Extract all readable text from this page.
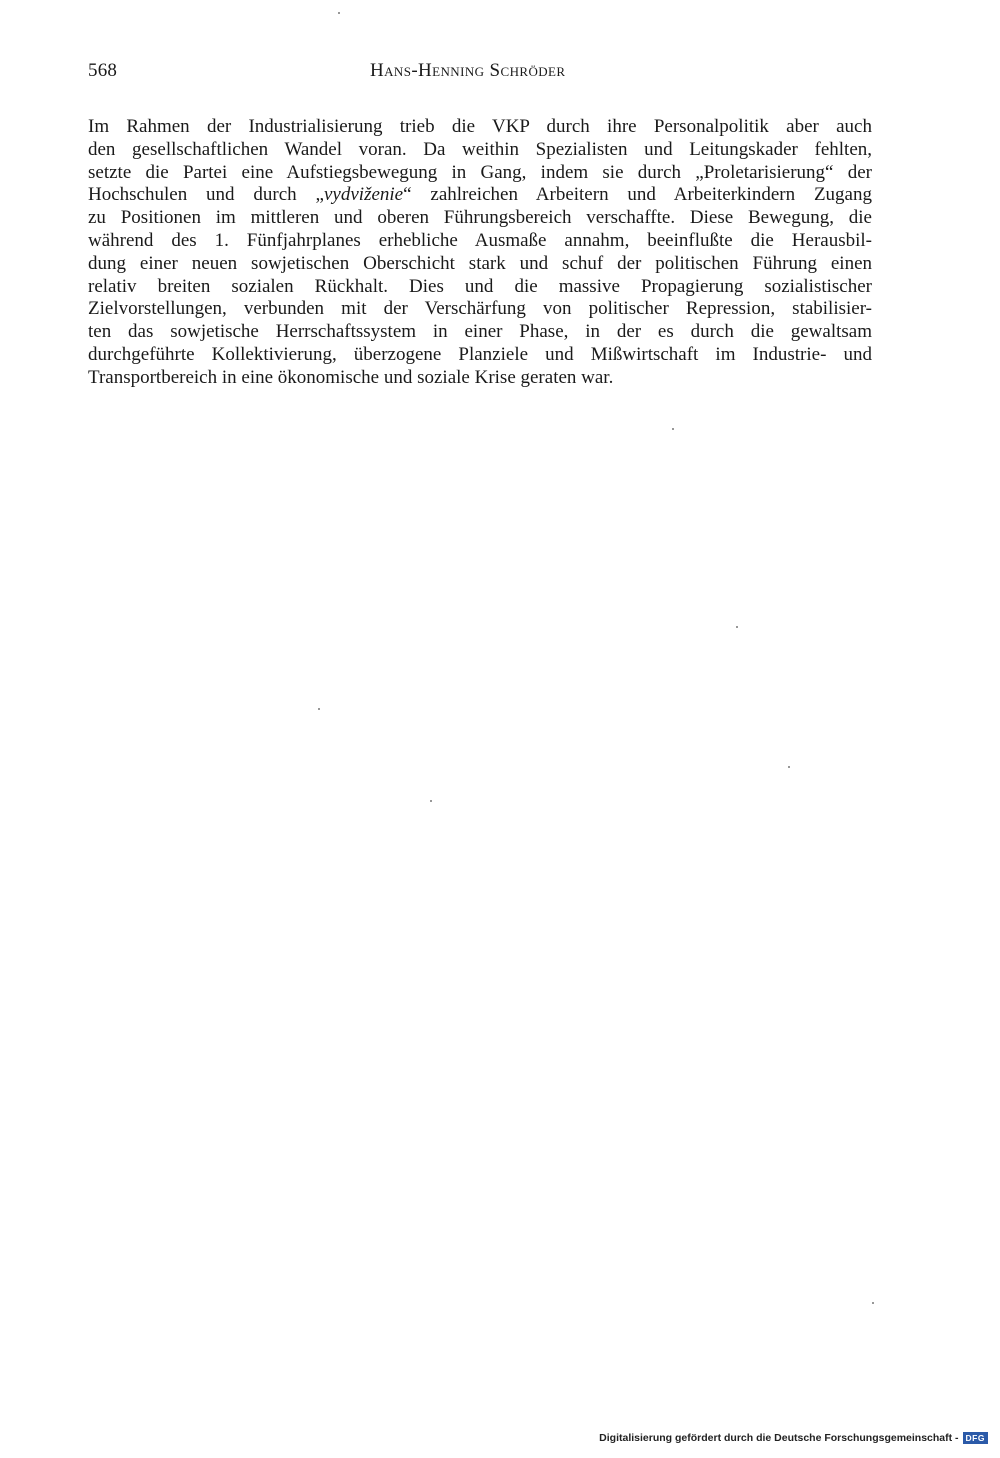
568	Hans-Henning Schröder
Im Rahmen der Industrialisierung trieb die VKP durch ihre Personalpolitik aber auch
den gesellschaftlichen Wandel voran. Da weithin Spezialisten und Leitungskader fehlten,
setzte die Partei eine Aufstiegsbewegung in Gang, indem sie durch „Proletarisierung“ der
Hochschulen und durch „vydviženie“ zahlreichen Arbeitern und Arbeiterkindern Zugang
zu Positionen im mittleren und oberen Führungsbereich verschaffte. Diese Bewegung, die
während des 1. Fünfjahrplanes erhebliche Ausmaße annahm, beeinflußte die Herausbil-
dung einer neuen sowjetischen Oberschicht stark und schuf der politischen Führung einen
relativ breiten sozialen Rückhalt. Dies und die massive Propagierung sozialistischer
Zielvorstellungen, verbunden mit der Verschärfung von politischer Repression, stabilisier-
ten das sowjetische Herrschaftssystem in einer Phase, in der es durch die gewaltsam
durchgeführte Kollektivierung, überzogene Planziele und Mißwirtschaft im Industrie- und
Transportbereich in eine ökonomische und soziale Krise geraten war.
Digitalisierung gefördert durch die Deutsche Forschungsgemeinschaft - DFG
